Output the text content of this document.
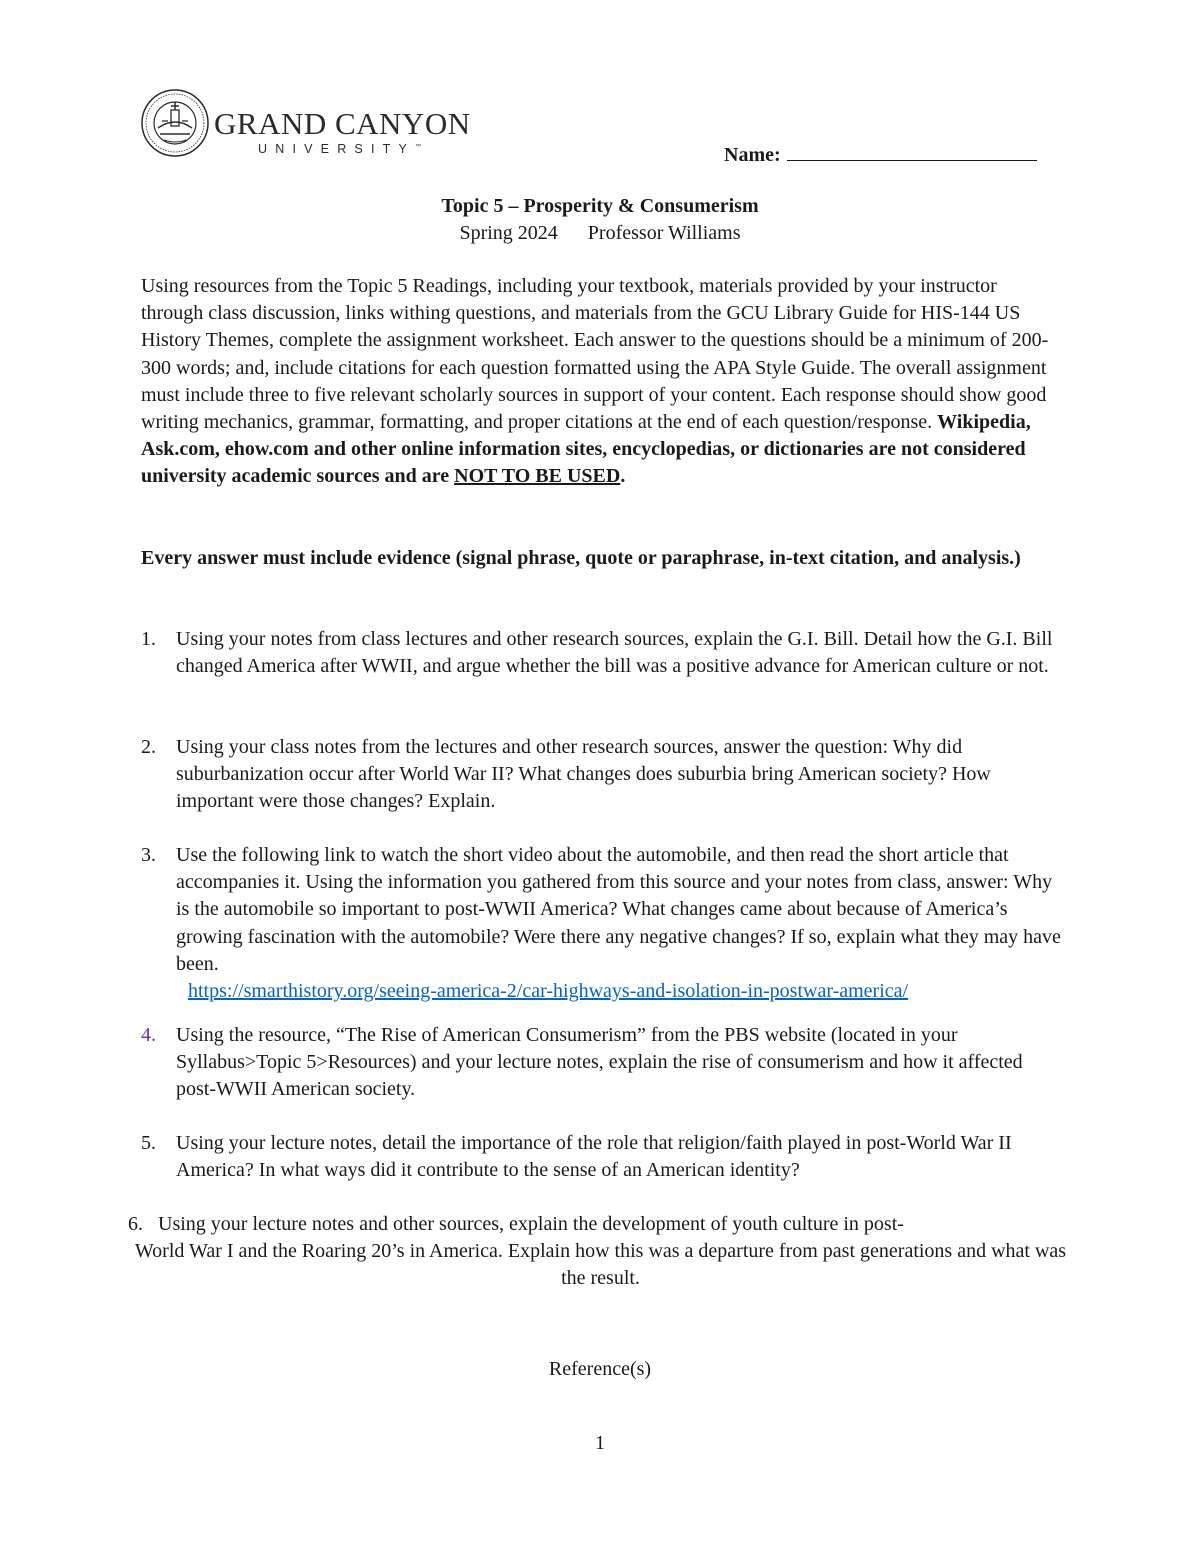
GRAND CANYON
UNIVERSITY™	Name:
Topic 5 – Prosperity & Consumerism
Spring 2024      Professor Williams

Using resources from the Topic 5 Readings, including your textbook, materials provided by your instructor through class discussion, links withing questions, and materials from the GCU Library Guide for HIS-144 US History Themes, complete the assignment worksheet. Each answer to the questions should be a minimum of 200-300 words; and, include citations for each question formatted using the APA Style Guide. The overall assignment must include three to five relevant scholarly sources in support of your content. Each response should show good writing mechanics, grammar, formatting, and proper citations at the end of each question/response. Wikipedia, Ask.com, ehow.com and other online information sites, encyclopedias, or dictionaries are not considered university academic sources and are NOT TO BE USED.

Every answer must include evidence (signal phrase, quote or paraphrase, in-text citation, and analysis.)
1. Using your notes from class lectures and other research sources, explain the G.I. Bill. Detail how the G.I. Bill changed America after WWII, and argue whether the bill was a positive advance for American culture or not.
2. Using your class notes from the lectures and other research sources, answer the question: Why did suburbanization occur after World War II? What changes does suburbia bring American society? How important were those changes? Explain.
3. Use the following link to watch the short video about the automobile, and then read the short article that accompanies it. Using the information you gathered from this source and your notes from class, answer: Why is the automobile so important to post-WWII America? What changes came about because of America’s growing fascination with the automobile? Were there any negative changes? If so, explain what they may have been.
https://smarthistory.org/seeing-america-2/car-highways-and-isolation-in-postwar-america/
4. Using the resource, “The Rise of American Consumerism” from the PBS website (located in your Syllabus>Topic 5>Resources) and your lecture notes, explain the rise of consumerism and how it affected post-WWII American society.
5. Using your lecture notes, detail the importance of the role that religion/faith played in post-World War II America? In what ways did it contribute to the sense of an American identity?
6. Using your lecture notes and other sources, explain the development of youth culture in post-
World War I and the Roaring 20’s in America. Explain how this was a departure from past generations and what was the result.
Reference(s)
1
